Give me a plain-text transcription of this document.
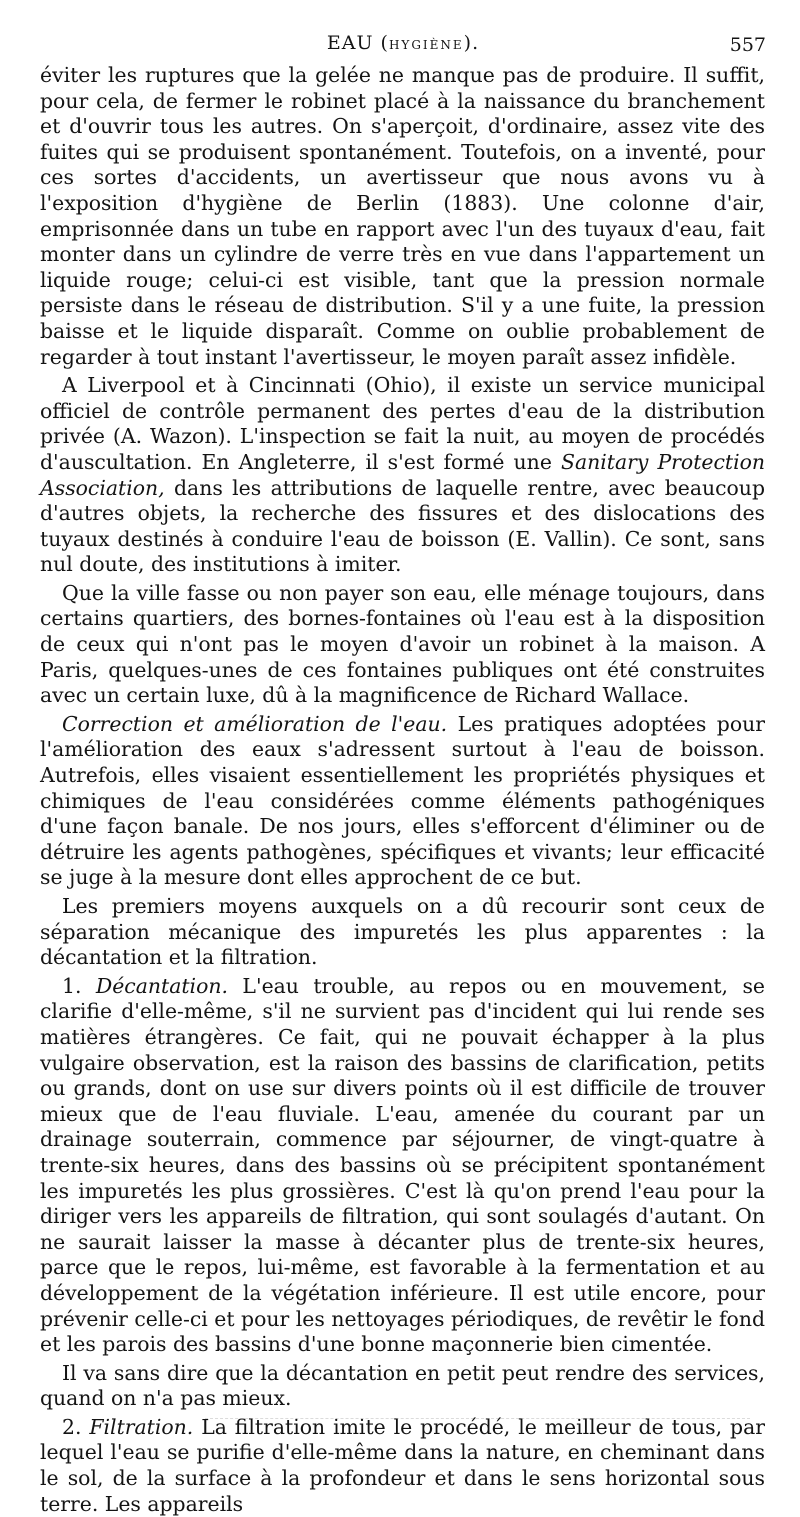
EAU (HYGIÈNE).	557

éviter les ruptures que la gelée ne manque pas de produire. Il suffit, pour cela, de fermer le robinet placé à la naissance du branchement et d'ouvrir tous les autres. On s'aperçoit, d'ordinaire, assez vite des fuites qui se produisent spontanément. Toutefois, on a inventé, pour ces sortes d'accidents, un avertisseur que nous avons vu à l'exposition d'hygiène de Berlin (1883). Une colonne d'air, emprisonnée dans un tube en rapport avec l'un des tuyaux d'eau, fait monter dans un cylindre de verre très en vue dans l'appartement un liquide rouge; celui-ci est visible, tant que la pression normale persiste dans le réseau de distribution. S'il y a une fuite, la pression baisse et le liquide disparaît. Comme on oublie probablement de regarder à tout instant l'avertisseur, le moyen paraît assez infidèle.

A Liverpool et à Cincinnati (Ohio), il existe un service municipal officiel de contrôle permanent des pertes d'eau de la distribution privée (A. Wazon). L'inspection se fait la nuit, au moyen de procédés d'auscultation. En Angleterre, il s'est formé une Sanitary Protection Association, dans les attributions de laquelle rentre, avec beaucoup d'autres objets, la recherche des fissures et des dislocations des tuyaux destinés à conduire l'eau de boisson (E. Vallin). Ce sont, sans nul doute, des institutions à imiter.

Que la ville fasse ou non payer son eau, elle ménage toujours, dans certains quartiers, des bornes-fontaines où l'eau est à la disposition de ceux qui n'ont pas le moyen d'avoir un robinet à la maison. A Paris, quelques-unes de ces fontaines publiques ont été construites avec un certain luxe, dû à la magnificence de Richard Wallace.

Correction et amélioration de l'eau. Les pratiques adoptées pour l'amélioration des eaux s'adressent surtout à l'eau de boisson. Autrefois, elles visaient essentiellement les propriétés physiques et chimiques de l'eau considérées comme éléments pathogéniques d'une façon banale. De nos jours, elles s'efforcent d'éliminer ou de détruire les agents pathogènes, spécifiques et vivants; leur efficacité se juge à la mesure dont elles approchent de ce but.

Les premiers moyens auxquels on a dû recourir sont ceux de séparation mécanique des impuretés les plus apparentes : la décantation et la filtration.

1. Décantation. L'eau trouble, au repos ou en mouvement, se clarifie d'elle-même, s'il ne survient pas d'incident qui lui rende ses matières étrangères. Ce fait, qui ne pouvait échapper à la plus vulgaire observation, est la raison des bassins de clarification, petits ou grands, dont on use sur divers points où il est difficile de trouver mieux que de l'eau fluviale. L'eau, amenée du courant par un drainage souterrain, commence par séjourner, de vingt-quatre à trente-six heures, dans des bassins où se précipitent spontanément les impuretés les plus grossières. C'est là qu'on prend l'eau pour la diriger vers les appareils de filtration, qui sont soulagés d'autant. On ne saurait laisser la masse à décanter plus de trente-six heures, parce que le repos, lui-même, est favorable à la fermentation et au développement de la végétation inférieure. Il est utile encore, pour prévenir celle-ci et pour les nettoyages périodiques, de revêtir le fond et les parois des bassins d'une bonne maçonnerie bien cimentée.

Il va sans dire que la décantation en petit peut rendre des services, quand on n'a pas mieux.

2. Filtration. La filtration imite le procédé, le meilleur de tous, par lequel l'eau se purifie d'elle-même dans la nature, en cheminant dans le sol, de la surface à la profondeur et dans le sens horizontal sous terre. Les appareils
